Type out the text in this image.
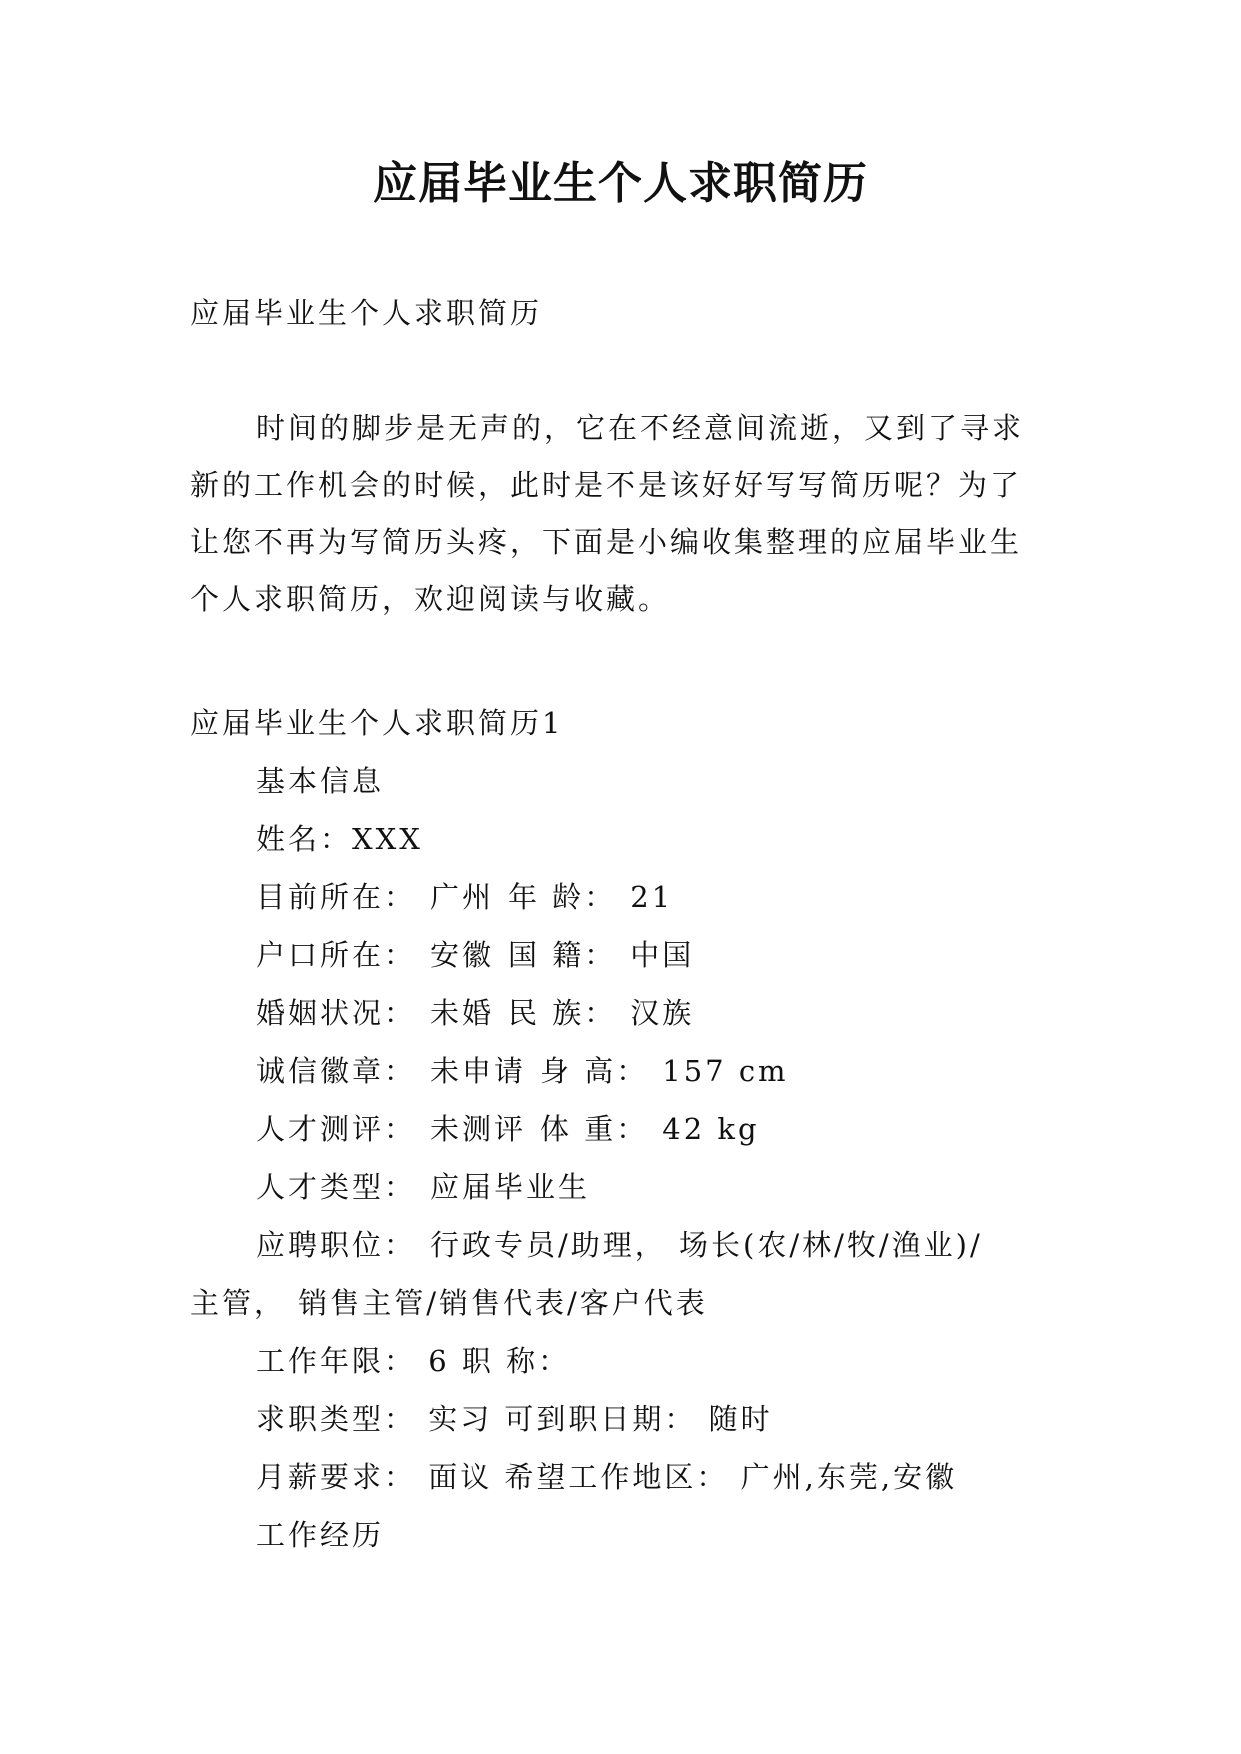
应届毕业生个人求职简历
应届毕业生个人求职简历

时间的脚步是无声的，它在不经意间流逝，又到了寻求

新的工作机会的时候，此时是不是该好好写写简历呢？为了

让您不再为写简历头疼，下面是小编收集整理的应届毕业生

个人求职简历，欢迎阅读与收藏。

应届毕业生个人求职简历1
基本信息
姓名：XXX
目前所在： 广州 年 龄： 21
户口所在： 安徽 国 籍： 中国
婚姻状况： 未婚 民 族： 汉族
诚信徽章： 未申请 身 高： 157 cm
人才测评： 未测评 体 重： 42 kg
人才类型： 应届毕业生
应聘职位： 行政专员/助理， 场长(农/林/牧/渔业)/
主管， 销售主管/销售代表/客户代表
工作年限： 6 职 称：
求职类型： 实习 可到职日期： 随时
月薪要求： 面议 希望工作地区： 广州,东莞,安徽
工作经历
